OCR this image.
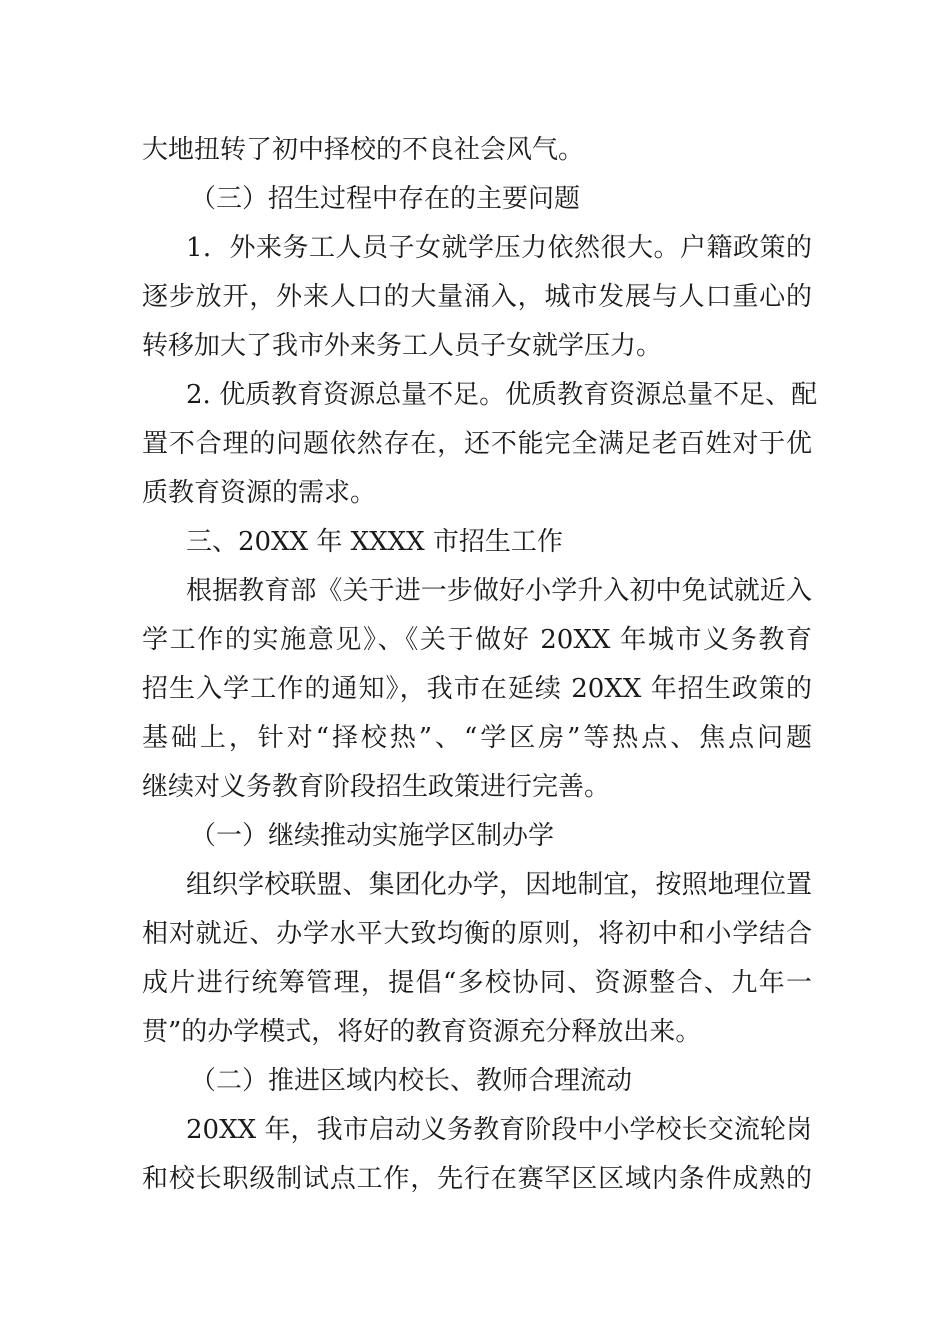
大地扭转了初中择校的不良社会风气。
（三）招生过程中存在的主要问题
1．外来务工人员子女就学压力依然很大。户籍政策的
逐步放开，外来人口的大量涌入，城市发展与人口重心的
转移加大了我市外来务工人员子女就学压力。
2. 优质教育资源总量不足。优质教育资源总量不足、配
置不合理的问题依然存在，还不能完全满足老百姓对于优
质教育资源的需求。
三、20XX 年 XXXX 市招生工作
根据教育部《关于进一步做好小学升入初中免试就近入
学工作的实施意见》、《关于做好 20XX 年城市义务教育
招生入学工作的通知》，我市在延续 20XX 年招生政策的
基础上，针对“择校热”、“学区房”等热点、焦点问题
继续对义务教育阶段招生政策进行完善。
（一）继续推动实施学区制办学
组织学校联盟、集团化办学，因地制宜，按照地理位置
相对就近、办学水平大致均衡的原则，将初中和小学结合
成片进行统筹管理，提倡“多校协同、资源整合、九年一
贯”的办学模式，将好的教育资源充分释放出来。
（二）推进区域内校长、教师合理流动
20XX 年，我市启动义务教育阶段中小学校长交流轮岗
和校长职级制试点工作，先行在赛罕区区域内条件成熟的
